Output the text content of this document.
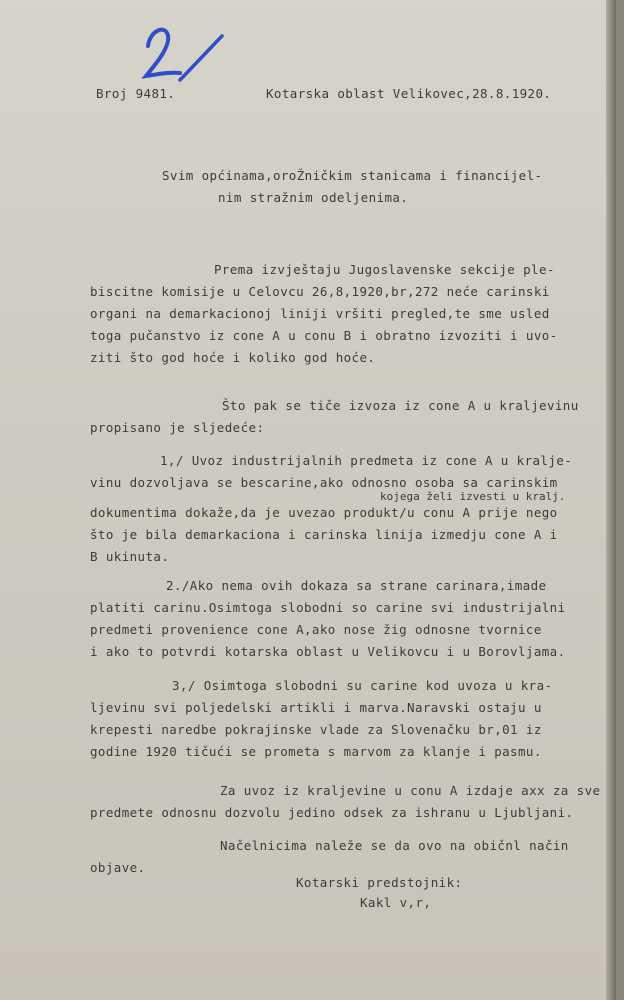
Broj 9481.	Kotarska oblast Velikovec,28.8.1920.
Svim općinama,oroŽničkim stanicama i financijel-
nim stražnim odeljenima.
Prema izvještaju Jugoslavenske sekcije ple-
biscitne komisije u Celovcu 26,8,1920,br,272 neće carinski
organi na demarkacionoj liniji vršiti pregled,te sme usled
toga pučanstvo iz cone A u conu B i obratno izvoziti i uvo-
ziti što god hoće i koliko god hoće.
Što pak se tiče izvoza iz cone A u kraljevinu
propisano je sljedeće:
1,/ Uvoz industrijalnih predmeta iz cone A u kralje-
vinu dozvoljava se bescarine,ako odnosno osoba sa carinskim
dokumentima dokaže,da je uvezao produkt/u conu A prije nego
što je bila demarkaciona i carinska linija izmedju cone A i
B ukinuta.
kojega želi izvesti u kralj.
2./Ako nema ovih dokaza sa strane carinara,imade
platiti carinu.Osimtoga slobodni so carine svi industrijalni
predmeti provenience cone A,ako nose žig odnosne tvornice
i ako to potvrdi kotarska oblast u Velikovcu i u Borovljama.
3,/ Osimtoga slobodni su carine kod uvoza u kra-
ljevinu svi poljedelski artikli i marva.Naravski ostaju u
krepesti naredbe pokrajinske vlade za Slovenačku br,01 iz
godine 1920 tičući se prometa s marvom za klanje i pasmu.
Za uvoz iz kraljevine u conu A izdaje axx za sve
predmete odnosnu dozvolu jedino odsek za ishranu u Ljubljani.
Načelnicima naleže se da ovo na običnl način
objave.
Kotarski predstojnik:
Kakl v,r,
